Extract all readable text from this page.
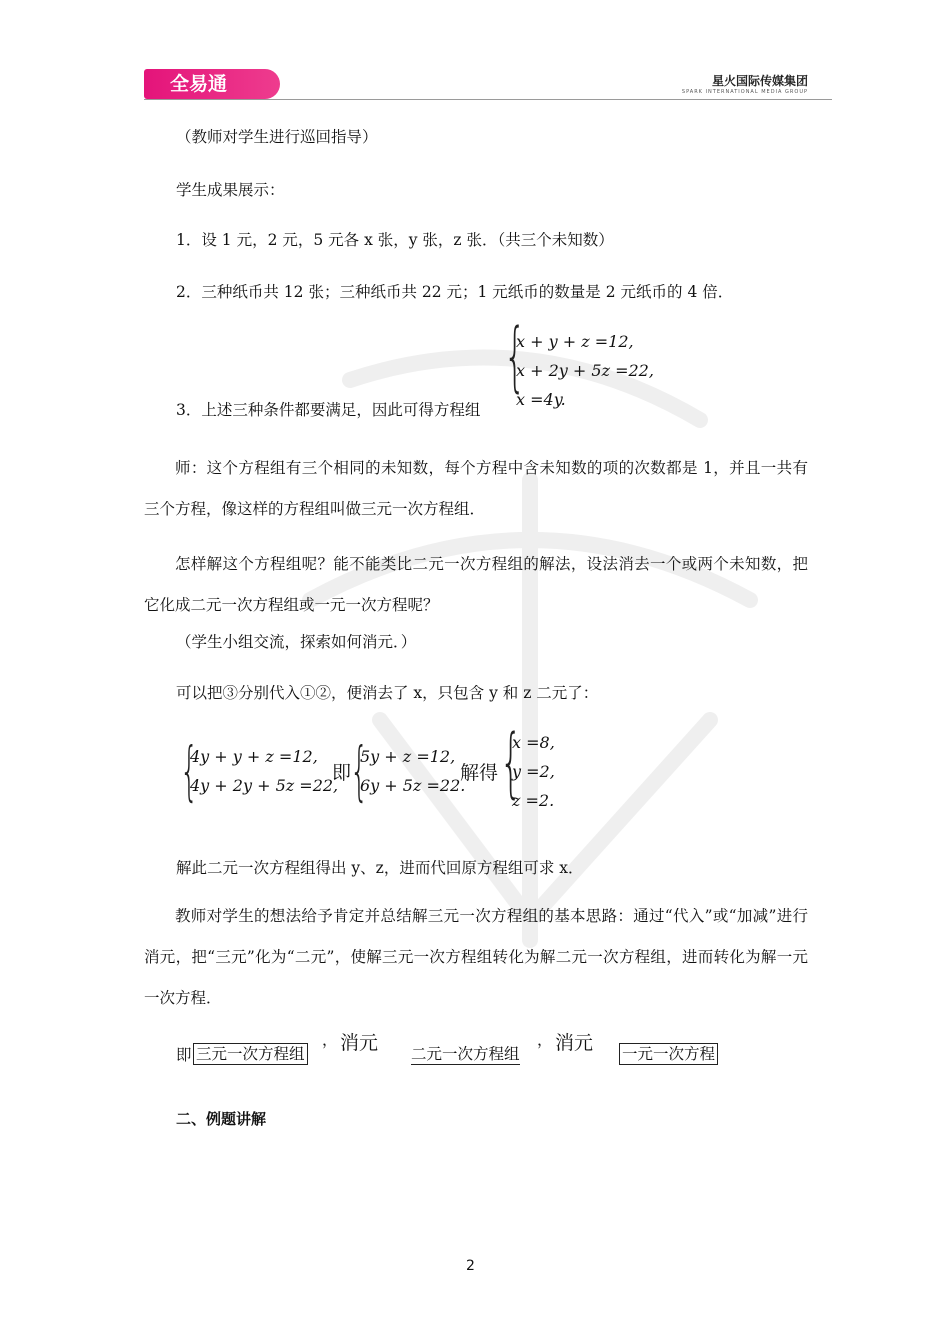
全易通	星火国际传媒集团
SPARK INTERNATIONAL MEDIA GROUP
（教师对学生进行巡回指导）
学生成果展示：
1．设 1 元，2 元，5 元各 x 张，y 张，z 张．（共三个未知数）
2．三种纸币共 12 张；三种纸币共 22 元；1 元纸币的数量是 2 元纸币的 4 倍．
3．上述三种条件都要满足，因此可得方程组
{
x + y + z =12,
x + 2y + 5z =22,
x =4y.
师：这个方程组有三个相同的未知数，每个方程中含未知数的项的次数都是 1，并且一共有三个方程，像这样的方程组叫做三元一次方程组．
怎样解这个方程组呢？能不能类比二元一次方程组的解法，设法消去一个或两个未知数，把它化成二元一次方程组或一元一次方程呢？
（学生小组交流，探索如何消元．）
可以把③分别代入①②，便消去了 x，只包含 y 和 z 二元了：
{
4y + y + z =12,
4y + 2y + 5z =22,
即
{
5y + z =12,
6y + 5z =22.
解得 {
x =8,
y =2,
z =2.
解此二元一次方程组得出 y、z，进而代回原方程组可求 x．
教师对学生的想法给予肯定并总结解三元一次方程组的基本思路：通过“代入”或“加减”进行消元，把“三元”化为“二元”，使解三元一次方程组转化为解二元一次方程组，进而转化为解一元一次方程．
即 三元一次方程组
， 消元 二元一次方程组
， 消元 一元一次方程
二、例题讲解
2
